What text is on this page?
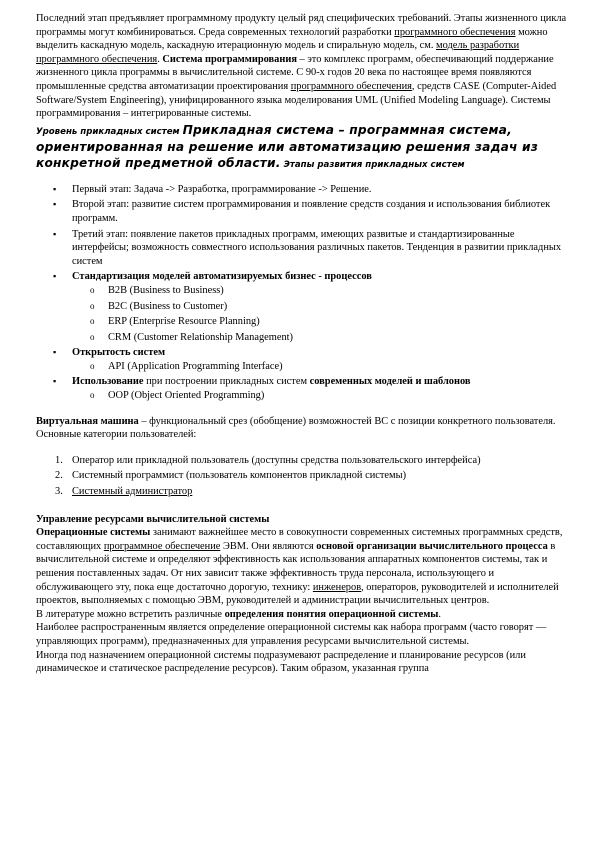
Последний этап предъявляет программному продукту целый ряд специфических требований. Этапы жизненного цикла программы могут комбинироваться. Среда современных технологий разработки программного обеспечения можно выделить каскадную модель, каскадную итерационную модель и спиральную модель, см. модель разработки программного обеспечения. Система программирования – это комплекс программ, обеспечивающий поддержание жизненного цикла программы в вычислительной системе. С 90-х годов 20 века по настоящее время появляются промышленные средства автоматизации проектирования программного обеспечения, средств CASE (Computer-Aided Software/System Engineering), унифицированного языка моделирования UML (Unified Modeling Language). Системы программирования – интегрированные системы.

Уровень прикладных систем Прикладная система – программная система, ориентированная на решение или автоматизацию решения задач из конкретной предметной области. Этапы развития прикладных систем

▪ Первый этап: Задача -> Разработка, программирование -> Решение.
▪ Второй этап: развитие систем программирования и появление средств создания и использования библиотек программ.
▪ Третий этап: появление пакетов прикладных программ, имеющих развитые и стандартизированные интерфейсы; возможность совместного использования различных пакетов. Тенденция в развитии прикладных систем
▪ Стандартизация моделей автоматизируемых бизнес - процессов
o B2B (Business to Business)
o B2C (Business to Customer)
o ERP (Enterprise Resource Planning)
o CRM (Customer Relationship Management)
▪ Открытость систем
o API (Application Programming Interface)
▪ Использование при построении прикладных систем современных моделей и шаблонов
o OOP (Object Oriented Programming)

Виртуальная машина – функциональный срез (обобщение) возможностей ВС с позиции конкретного пользователя. Основные категории пользователей:

1. Оператор или прикладной пользователь (доступны средства пользовательского интерфейса)
2. Системный программист (пользователь компонентов прикладной системы)
3. Системный администратор

Управление ресурсами вычислительной системы

Операционные системы занимают важнейшее место в совокупности современных системных программных средств, составляющих программное обеспечение ЭВМ. Они являются основой организации вычислительного процесса в вычислительной системе и определяют эффективность как использования аппаратных компонентов системы, так и решения поставленных задач. От них зависит также эффективность труда персонала, использующего и обслуживающего эту, пока еще достаточно дорогую, технику: инженеров, операторов, руководителей и исполнителей проектов, выполняемых с помощью ЭВМ, руководителей и администрации вычислительных центров.

В литературе можно встретить различные определения понятия операционной системы.

Наиболее распространенным является определение операционной системы как набора программ (часто говорят — управляющих программ), предназначенных для управления ресурсами вычислительной системы.

Иногда под назначением операционной системы подразумевают распределение и планирование ресурсов (или динамическое и статическое распределение ресурсов). Таким образом, указанная группа
